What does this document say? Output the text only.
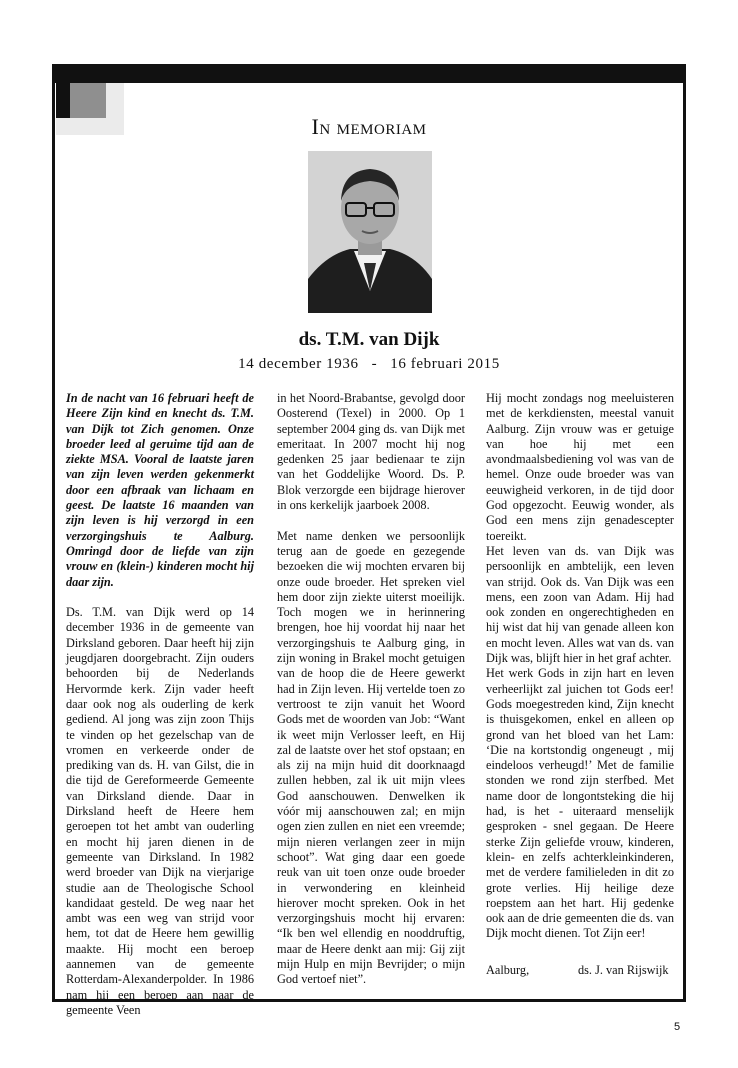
In memoriam
ds. T.M. van Dijk
14 december 1936   -   16 februari 2015

In de nacht van 16 februari heeft de Heere Zijn kind en knecht ds. T.M. van Dijk tot Zich genomen. Onze broeder leed al geruime tijd aan de ziekte MSA. Vooral de laatste jaren van zijn leven werden gekenmerkt door een afbraak van lichaam en geest. De laatste 16 maanden van zijn leven is hij verzorgd in een verzorgingshuis te Aalburg. Omringd door de liefde van zijn vrouw en (klein-) kinderen mocht hij daar zijn.

Ds. T.M. van Dijk werd op 14 december 1936 in de gemeente van Dirksland geboren. Daar heeft hij zijn jeugdjaren doorgebracht. Zijn ouders behoorden bij de Nederlands Hervormde kerk. Zijn vader heeft daar ook nog als ouderling de kerk gediend. Al jong was zijn zoon Thijs te vinden op het gezelschap van de vromen en verkeerde onder de prediking van ds. H. van Gilst, die in die tijd de Gereformeerde Gemeente van Dirksland diende. Daar in Dirksland heeft de Heere hem geroepen tot het ambt van ouderling en mocht hij jaren dienen in de gemeente van Dirksland. In 1982 werd broeder van Dijk na vierjarige studie aan de Theologische School kandidaat gesteld. De weg naar het ambt was een weg van strijd voor hem, tot dat de Heere hem gewillig maakte. Hij mocht een beroep aannemen van de gemeente Rotterdam-Alexanderpolder. In 1986 nam hij een beroep aan naar de gemeente Veen

in het Noord-Brabantse, gevolgd door Oosterend (Texel) in 2000. Op 1 september 2004 ging ds. van Dijk met emeritaat. In 2007 mocht hij nog gedenken 25 jaar bedienaar te zijn van het Goddelijke Woord. Ds. P. Blok verzorgde een bijdrage hierover in ons kerkelijk jaarboek 2008.

Met name denken we persoonlijk terug aan de goede en gezegende bezoeken die wij mochten ervaren bij onze oude broeder. Het spreken viel hem door zijn ziekte uiterst moeilijk. Toch mogen we in herinnering brengen, hoe hij voordat hij naar het verzorgingshuis te Aalburg ging, in zijn woning in Brakel mocht getuigen van de hoop die de Heere gewerkt had in Zijn leven. Hij vertelde toen zo vertroost te zijn vanuit het Woord Gods met de woorden van Job: “Want ik weet mijn Verlosser leeft, en Hij zal de laatste over het stof opstaan; en als zij na mijn huid dit doorknaagd zullen hebben, zal ik uit mijn vlees God aanschouwen. Denwelken ik vóór mij aanschouwen zal; en mijn ogen zien zullen en niet een vreemde; mijn nieren verlangen zeer in mijn schoot”. Wat ging daar een goede reuk van uit toen onze oude broeder in verwondering en kleinheid hierover mocht spreken. Ook in het verzorgingshuis mocht hij ervaren: “Ik ben wel ellendig en nooddruftig, maar de Heere denkt aan mij: Gij zijt mijn Hulp en mijn Bevrijder; o mijn God vertoef niet”.

Hij mocht zondags nog meeluisteren met de kerkdiensten, meestal vanuit Aalburg. Zijn vrouw was er getuige van hoe hij met een avondmaalsbediening vol was van de hemel. Onze oude broeder was van eeuwigheid verkoren, in de tijd door God opgezocht. Eeuwig wonder, als God een mens zijn genadescepter toereikt.

Het leven van ds. van Dijk was persoonlijk en ambtelijk, een leven van strijd. Ook ds. Van Dijk was een mens, een zoon van Adam. Hij had ook zonden en ongerechtigheden en hij wist dat hij van genade alleen kon en mocht leven. Alles wat van ds. van Dijk was, blijft hier in het graf achter.

Het werk Gods in zijn hart en leven verheerlijkt zal juichen tot Gods eer! Gods moegestreden kind, Zijn knecht is thuisgekomen, enkel en alleen op grond van het bloed van het Lam: ‘Die na kortstondig ongeneugt , mij eindeloos verheugd!’ Met de familie stonden we rond zijn sterfbed. Met name door de longontsteking die hij had, is het - uiteraard menselijk gesproken - snel gegaan. De Heere sterke Zijn geliefde vrouw, kinderen, klein- en zelfs achterkleinkinderen, met de verdere familieleden in dit zo grote verlies. Hij heilige deze roepstem aan het hart. Hij gedenke ook aan de drie gemeenten die ds. van Dijk mocht dienen. Tot Zijn eer!

Aalburg,	ds. J. van Rijswijk
5
